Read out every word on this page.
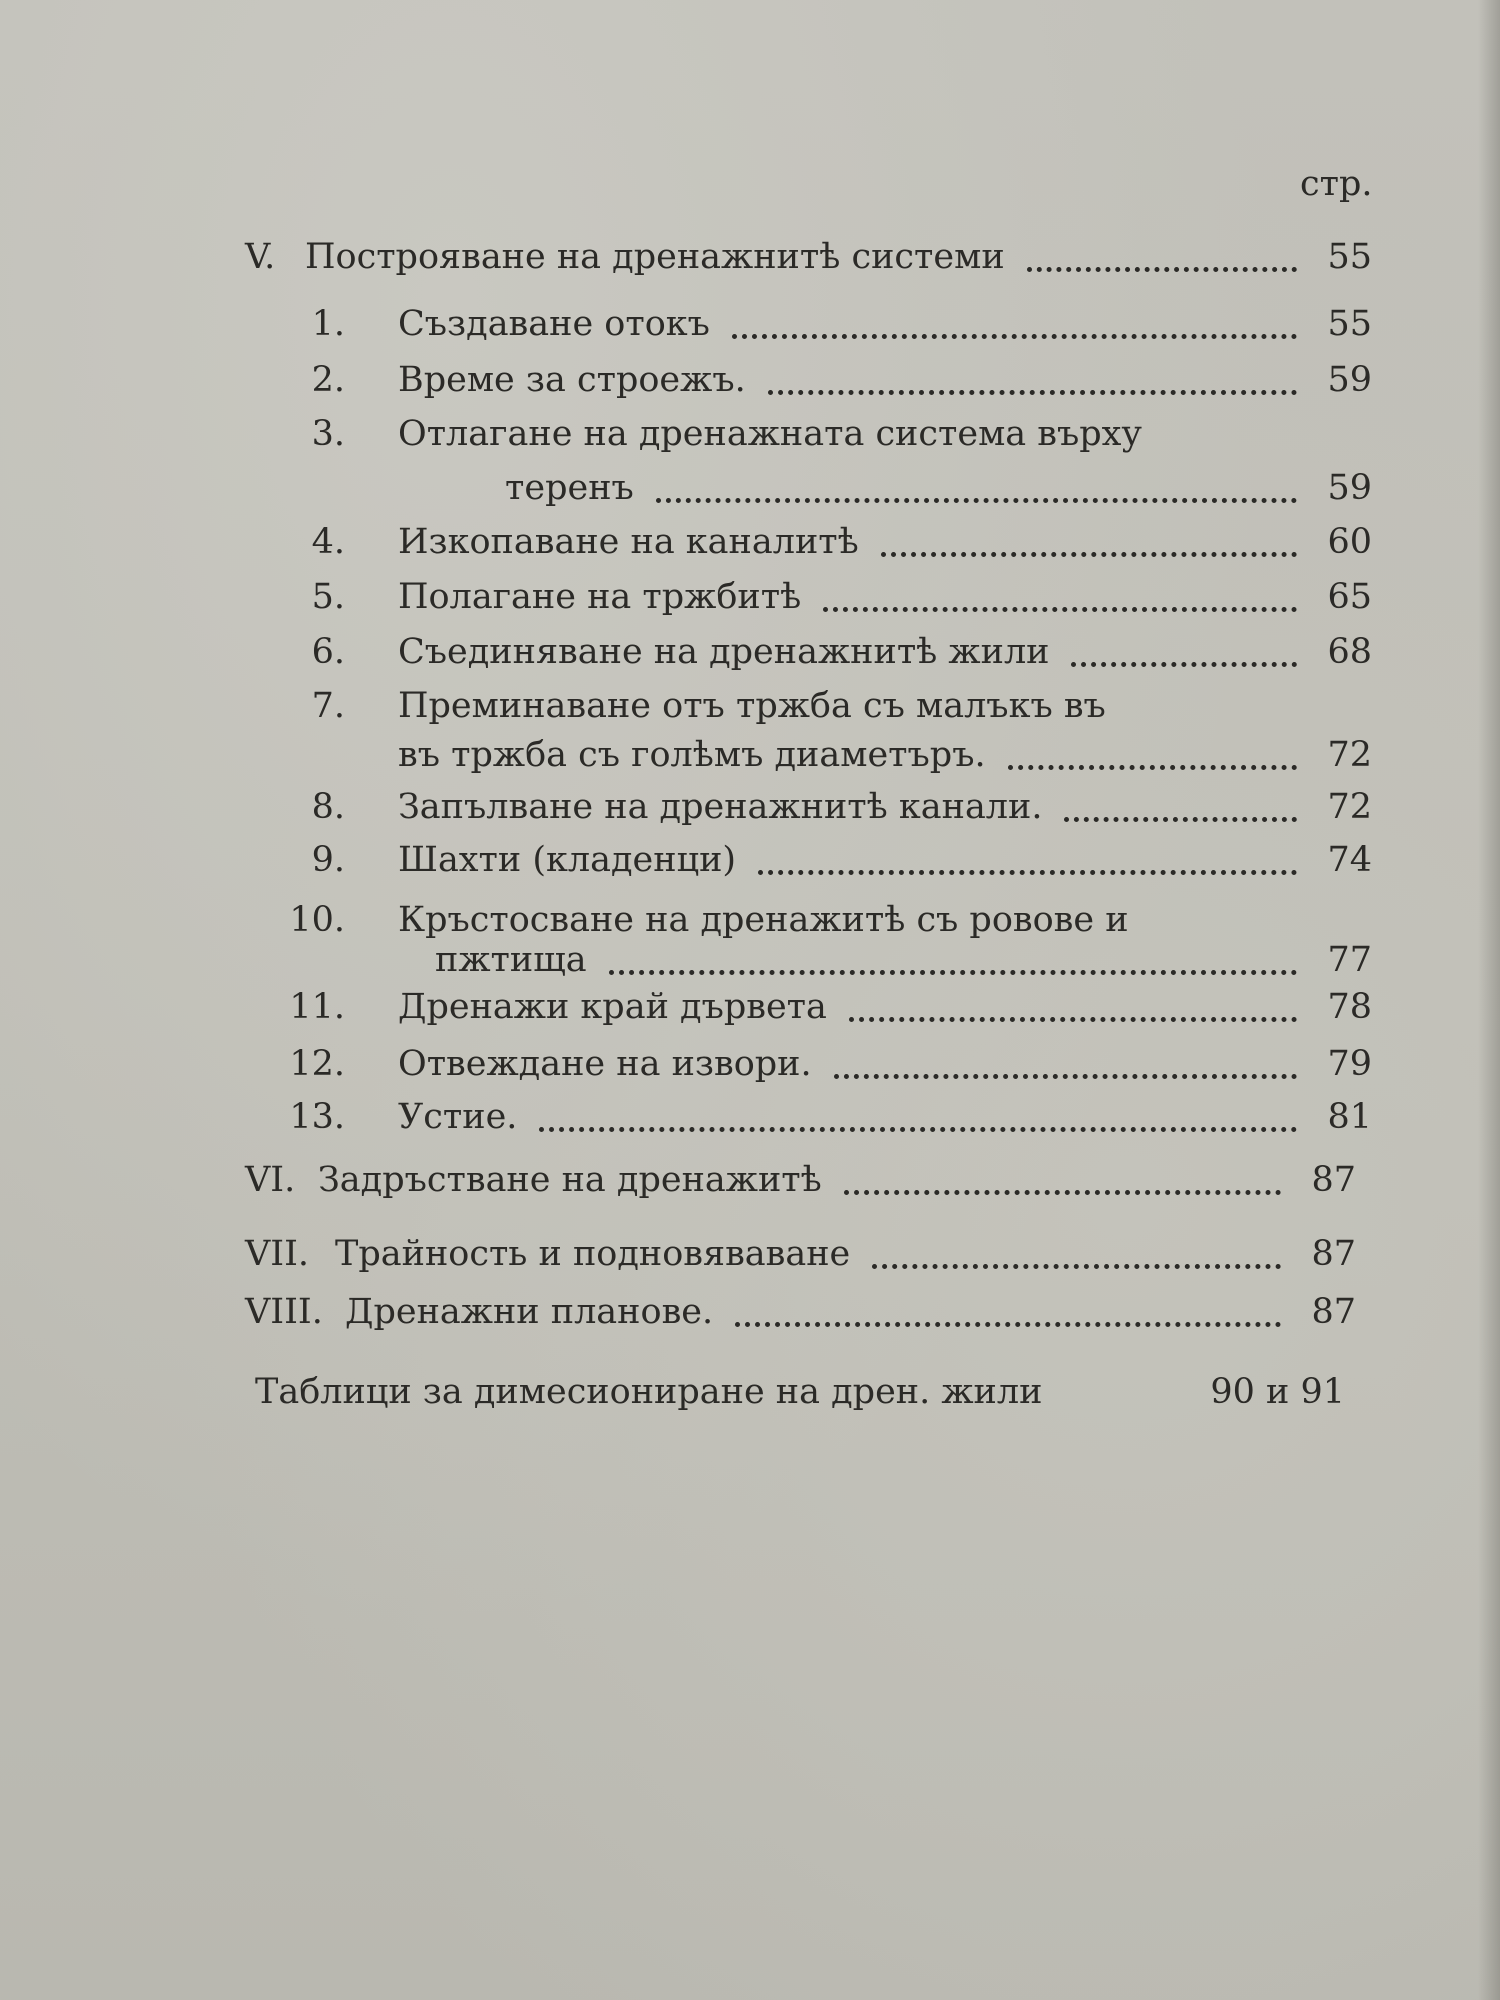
стр.
V. Построяване на дренажнитѣ системи	55
1. Създаване отокъ	55
2. Време за строежъ.	59
3. Отлагане на дренажната система върху
теренъ	59
4. Изкопаване на каналитѣ	60
5. Полагане на тржбитѣ	65
6. Съединяване на дренажнитѣ жили	68
7. Преминаване отъ тржба съ малъкъ въ
въ тржба съ голѣмъ диаметъръ.	72
8. Запълване на дренажнитѣ канали.	72
9. Шахти (кладенци)	74
10. Кръстосване на дренажитѣ съ ровове и
пжтища	77
11. Дренажи край дървета	78
12. Отвеждане на извори.	79
13. Устие.	81
VI. Задръстване на дренажитѣ	87
VII. Трайность и подновяваване	87
VIII. Дренажни планове.	87
Таблици за димесиониране на дрен. жили	90 и 91
